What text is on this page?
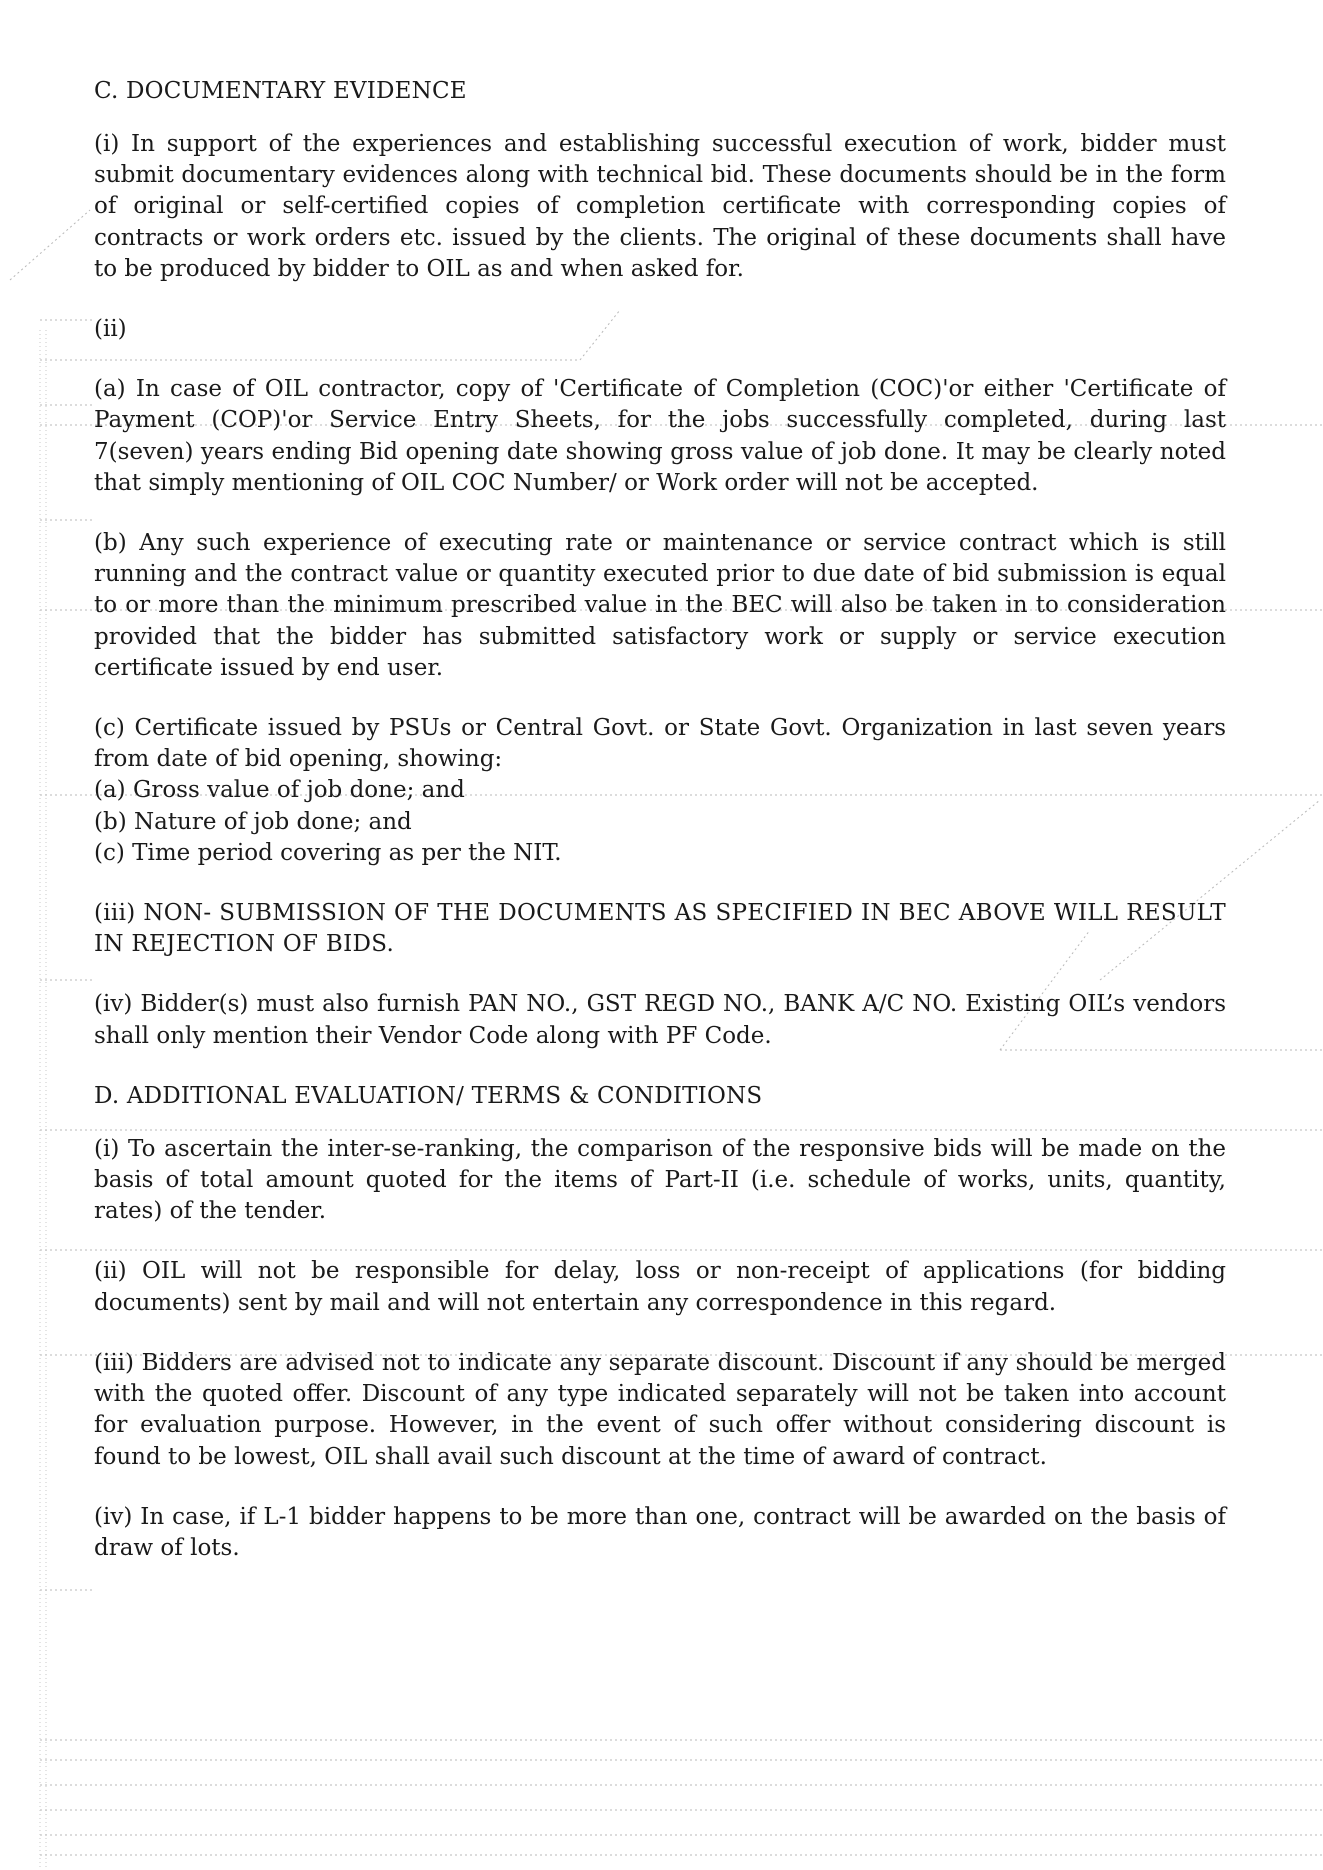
C. DOCUMENTARY EVIDENCE
(i) In support of the experiences and establishing successful execution of work, bidder must submit documentary evidences along with technical bid. These documents should be in the form of original or self-certified copies of completion certificate with corresponding copies of contracts or work orders etc. issued by the clients. The original of these documents shall have to be produced by bidder to OIL as and when asked for.
(ii)
(a) In case of OIL contractor, copy of 'Certificate of Completion (COC)'or either 'Certificate of Payment (COP)'or Service Entry Sheets, for the jobs successfully completed, during last 7(seven) years ending Bid opening date showing gross value of job done. It may be clearly noted that simply mentioning of OIL COC Number/ or Work order will not be accepted.
(b) Any such experience of executing rate or maintenance or service contract which is still running and the contract value or quantity executed prior to due date of bid submission is equal to or more than the minimum prescribed value in the BEC will also be taken in to consideration provided that the bidder has submitted satisfactory work or supply or service execution certificate issued by end user.
(c) Certificate issued by PSUs or Central Govt. or State Govt. Organization in last seven years from date of bid opening, showing:
(a) Gross value of job done; and
(b) Nature of job done; and
(c) Time period covering as per the NIT.
(iii) NON- SUBMISSION OF THE DOCUMENTS AS SPECIFIED IN BEC ABOVE WILL RESULT IN REJECTION OF BIDS.
(iv) Bidder(s) must also furnish PAN NO., GST REGD NO., BANK A/C NO. Existing OIL’s vendors shall only mention their Vendor Code along with PF Code.
D. ADDITIONAL EVALUATION/ TERMS & CONDITIONS
(i) To ascertain the inter-se-ranking, the comparison of the responsive bids will be made on the basis of total amount quoted for the items of Part-II (i.e. schedule of works, units, quantity, rates) of the tender.
(ii) OIL will not be responsible for delay, loss or non-receipt of applications (for bidding documents) sent by mail and will not entertain any correspondence in this regard.
(iii) Bidders are advised not to indicate any separate discount. Discount if any should be merged with the quoted offer. Discount of any type indicated separately will not be taken into account for evaluation purpose. However, in the event of such offer without considering discount is found to be lowest, OIL shall avail such discount at the time of award of contract.
(iv) In case, if L-1 bidder happens to be more than one, contract will be awarded on the basis of draw of lots.
